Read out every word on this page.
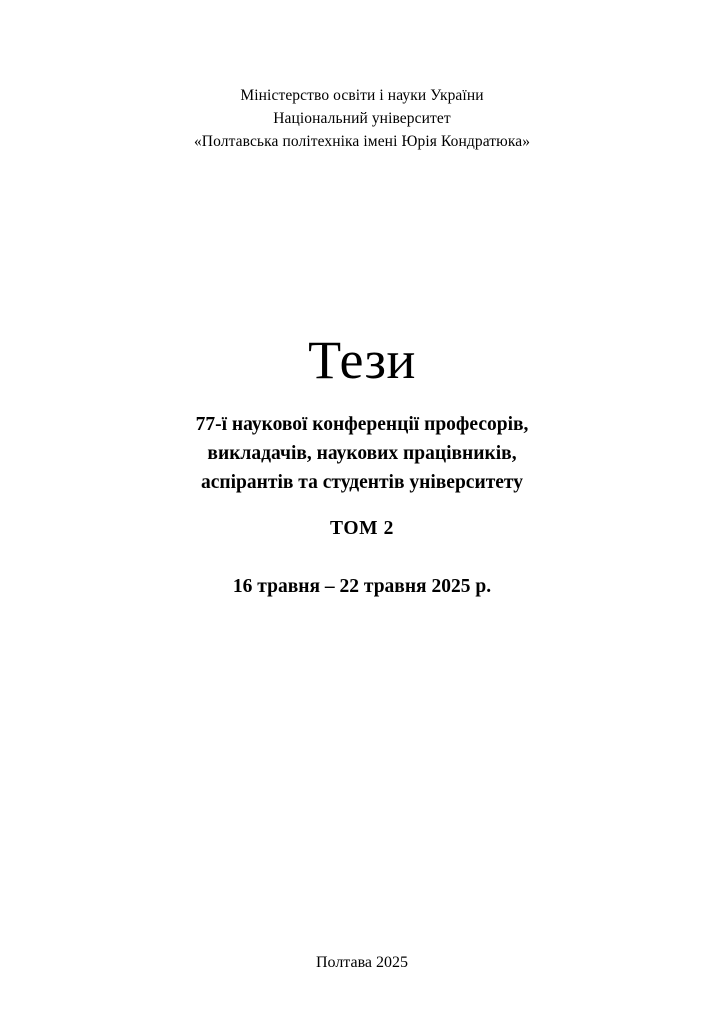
Міністерство освіти і науки України
Національний університет
«Полтавська політехніка імені Юрія Кондратюка»
Тези
77-ї наукової конференції професорів,
викладачів, наукових працівників,
аспірантів та студентів університету
ТОМ 2
16 травня – 22 травня 2025 р.
Полтава 2025
